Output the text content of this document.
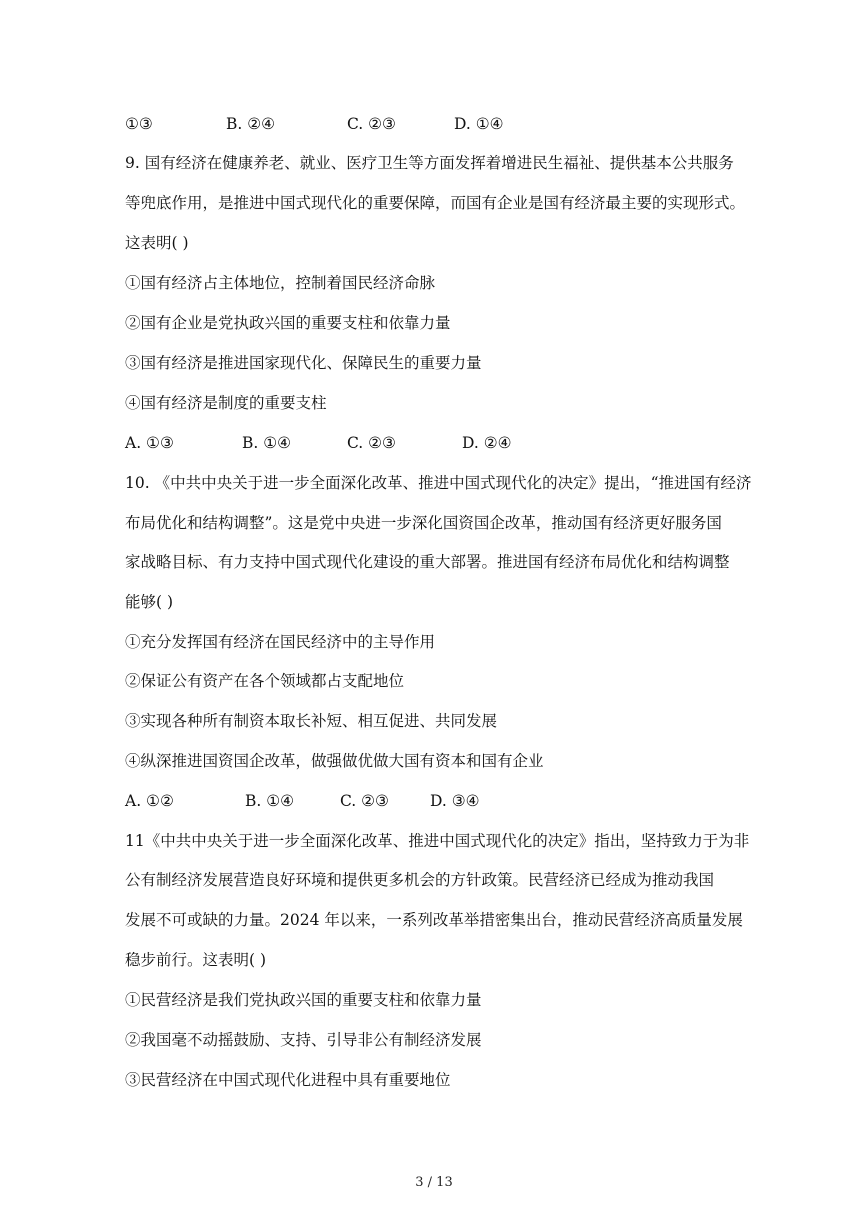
①③	B. ②④	C. ②③	D. ①④
9. 国有经济在健康养老、就业、医疗卫生等方面发挥着增进民生福祉、提供基本公共服务
等兜底作用，是推进中国式现代化的重要保障，而国有企业是国有经济最主要的实现形式。
这表明( )
①国有经济占主体地位，控制着国民经济命脉
②国有企业是党执政兴国的重要支柱和依靠力量
③国有经济是推进国家现代化、保障民生的重要力量
④国有经济是制度的重要支柱
A. ①③	B. ①④	C. ②③	D. ②④
10. 《中共中央关于进一步全面深化改革、推进中国式现代化的决定》提出，“推进国有经济
布局优化和结构调整”。这是党中央进一步深化国资国企改革，推动国有经济更好服务国
家战略目标、有力支持中国式现代化建设的重大部署。推进国有经济布局优化和结构调整
能够( )
①充分发挥国有经济在国民经济中的主导作用
②保证公有资产在各个领域都占支配地位
③实现各种所有制资本取长补短、相互促进、共同发展
④纵深推进国资国企改革，做强做优做大国有资本和国有企业
A. ①②	B. ①④	C. ②③	D. ③④
11《中共中央关于进一步全面深化改革、推进中国式现代化的决定》指出，坚持致力于为非
公有制经济发展营造良好环境和提供更多机会的方针政策。民营经济已经成为推动我国
发展不可或缺的力量。2024 年以来，一系列改革举措密集出台，推动民营经济高质量发展
稳步前行。这表明( )
①民营经济是我们党执政兴国的重要支柱和依靠力量
②我国毫不动摇鼓励、支持、引导非公有制经济发展
③民营经济在中国式现代化进程中具有重要地位
3 / 13
